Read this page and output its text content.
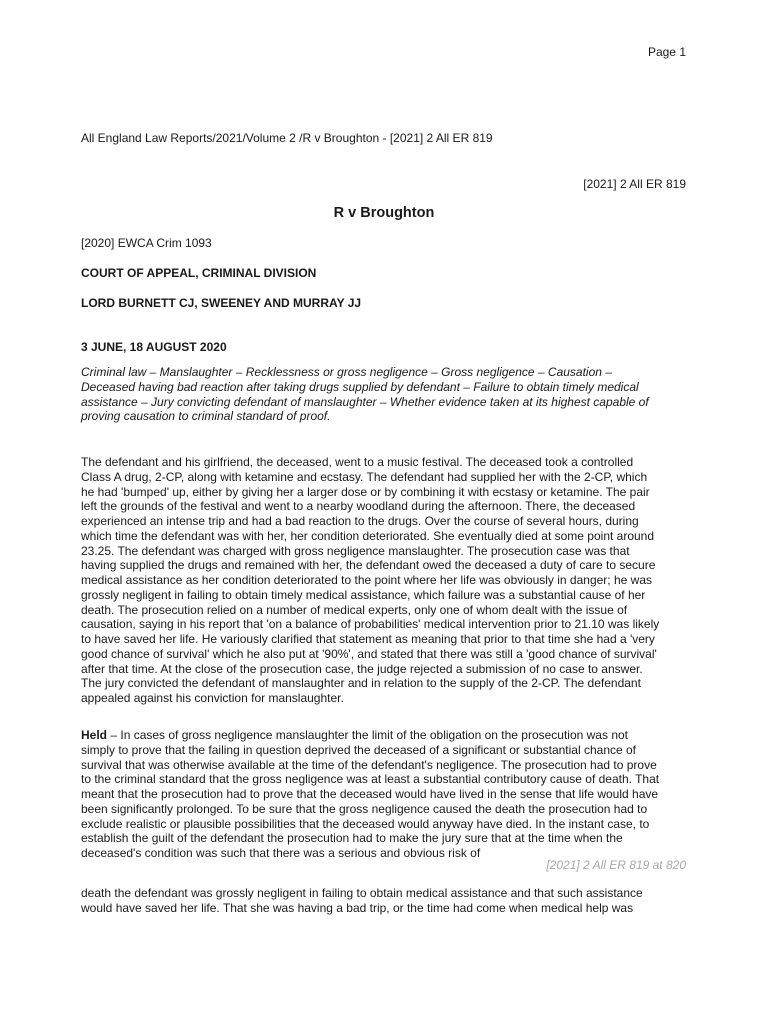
Page 1
All England Law Reports/2021/Volume 2 /R v Broughton - [2021] 2 All ER 819
[2021] 2 All ER 819
R v Broughton
[2020] EWCA Crim 1093
COURT OF APPEAL, CRIMINAL DIVISION
LORD BURNETT CJ, SWEENEY AND MURRAY JJ
3 JUNE, 18 AUGUST 2020
Criminal law – Manslaughter – Recklessness or gross negligence – Gross negligence – Causation –
Deceased having bad reaction after taking drugs supplied by defendant – Failure to obtain timely medical
assistance – Jury convicting defendant of manslaughter – Whether evidence taken at its highest capable of
proving causation to criminal standard of proof.
The defendant and his girlfriend, the deceased, went to a music festival. The deceased took a controlled
Class A drug, 2-CP, along with ketamine and ecstasy. The defendant had supplied her with the 2-CP, which
he had 'bumped' up, either by giving her a larger dose or by combining it with ecstasy or ketamine. The pair
left the grounds of the festival and went to a nearby woodland during the afternoon. There, the deceased
experienced an intense trip and had a bad reaction to the drugs. Over the course of several hours, during
which time the defendant was with her, her condition deteriorated. She eventually died at some point around
23.25. The defendant was charged with gross negligence manslaughter. The prosecution case was that
having supplied the drugs and remained with her, the defendant owed the deceased a duty of care to secure
medical assistance as her condition deteriorated to the point where her life was obviously in danger; he was
grossly negligent in failing to obtain timely medical assistance, which failure was a substantial cause of her
death. The prosecution relied on a number of medical experts, only one of whom dealt with the issue of
causation, saying in his report that 'on a balance of probabilities' medical intervention prior to 21.10 was likely
to have saved her life. He variously clarified that statement as meaning that prior to that time she had a 'very
good chance of survival' which he also put at '90%', and stated that there was still a 'good chance of survival'
after that time. At the close of the prosecution case, the judge rejected a submission of no case to answer.
The jury convicted the defendant of manslaughter and in relation to the supply of the 2-CP. The defendant
appealed against his conviction for manslaughter.
Held – In cases of gross negligence manslaughter the limit of the obligation on the prosecution was not
simply to prove that the failing in question deprived the deceased of a significant or substantial chance of
survival that was otherwise available at the time of the defendant's negligence. The prosecution had to prove
to the criminal standard that the gross negligence was at least a substantial contributory cause of death. That
meant that the prosecution had to prove that the deceased would have lived in the sense that life would have
been significantly prolonged. To be sure that the gross negligence caused the death the prosecution had to
exclude realistic or plausible possibilities that the deceased would anyway have died. In the instant case, to
establish the guilt of the defendant the prosecution had to make the jury sure that at the time when the
deceased's condition was such that there was a serious and obvious risk of
[2021] 2 All ER 819 at 820
death the defendant was grossly negligent in failing to obtain medical assistance and that such assistance
would have saved her life. That she was having a bad trip, or the time had come when medical help was
